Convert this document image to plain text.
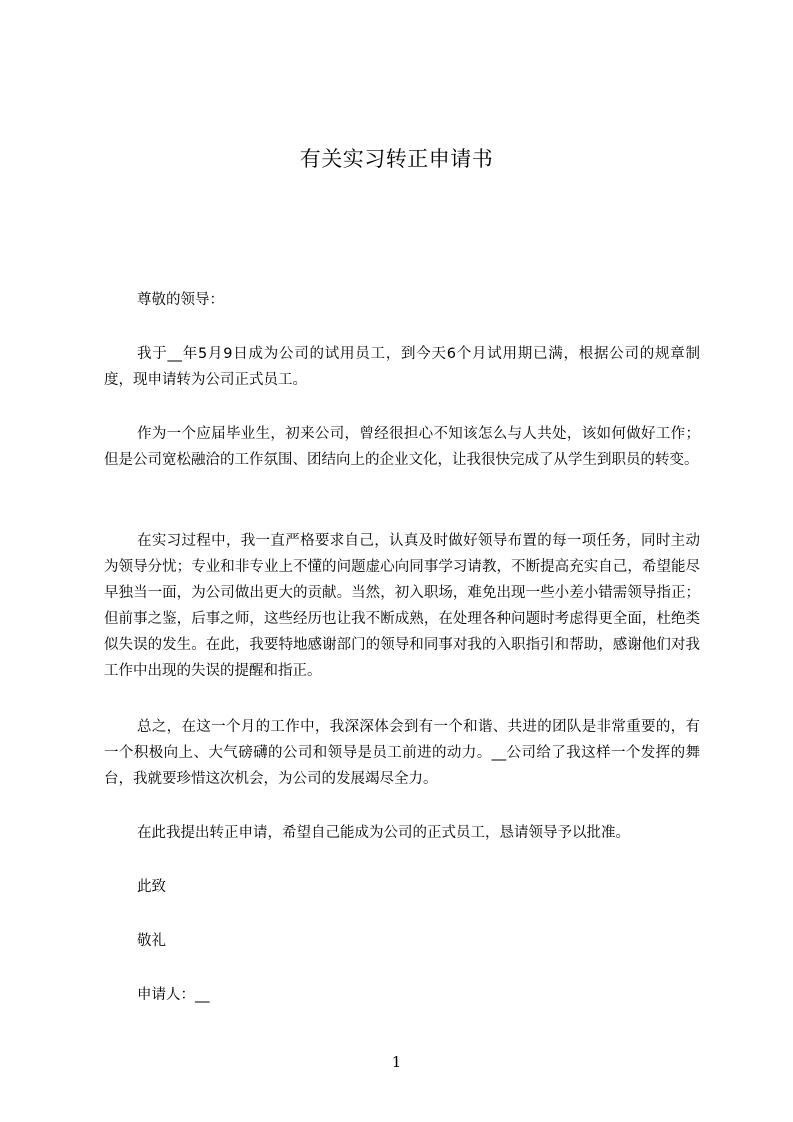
有关实习转正申请书
尊敬的领导：
我于__年5月9日成为公司的试用员工，到今天6个月试用期已满，根据公司的规章制度，现申请转为公司正式员工。
作为一个应届毕业生，初来公司，曾经很担心不知该怎么与人共处，该如何做好工作；但是公司宽松融洽的工作氛围、团结向上的企业文化，让我很快完成了从学生到职员的转变。
在实习过程中，我一直严格要求自己，认真及时做好领导布置的每一项任务，同时主动为领导分忧；专业和非专业上不懂的问题虚心向同事学习请教，不断提高充实自己，希望能尽早独当一面，为公司做出更大的贡献。当然，初入职场，难免出现一些小差小错需领导指正；但前事之鉴，后事之师，这些经历也让我不断成熟，在处理各种问题时考虑得更全面，杜绝类似失误的发生。在此，我要特地感谢部门的领导和同事对我的入职指引和帮助，感谢他们对我工作中出现的失误的提醒和指正。
总之，在这一个月的工作中，我深深体会到有一个和谐、共进的团队是非常重要的，有一个积极向上、大气磅礴的公司和领导是员工前进的动力。__公司给了我这样一个发挥的舞台，我就要珍惜这次机会，为公司的发展竭尽全力。
在此我提出转正申请，希望自己能成为公司的正式员工，恳请领导予以批准。
此致
敬礼
申请人：__
1
